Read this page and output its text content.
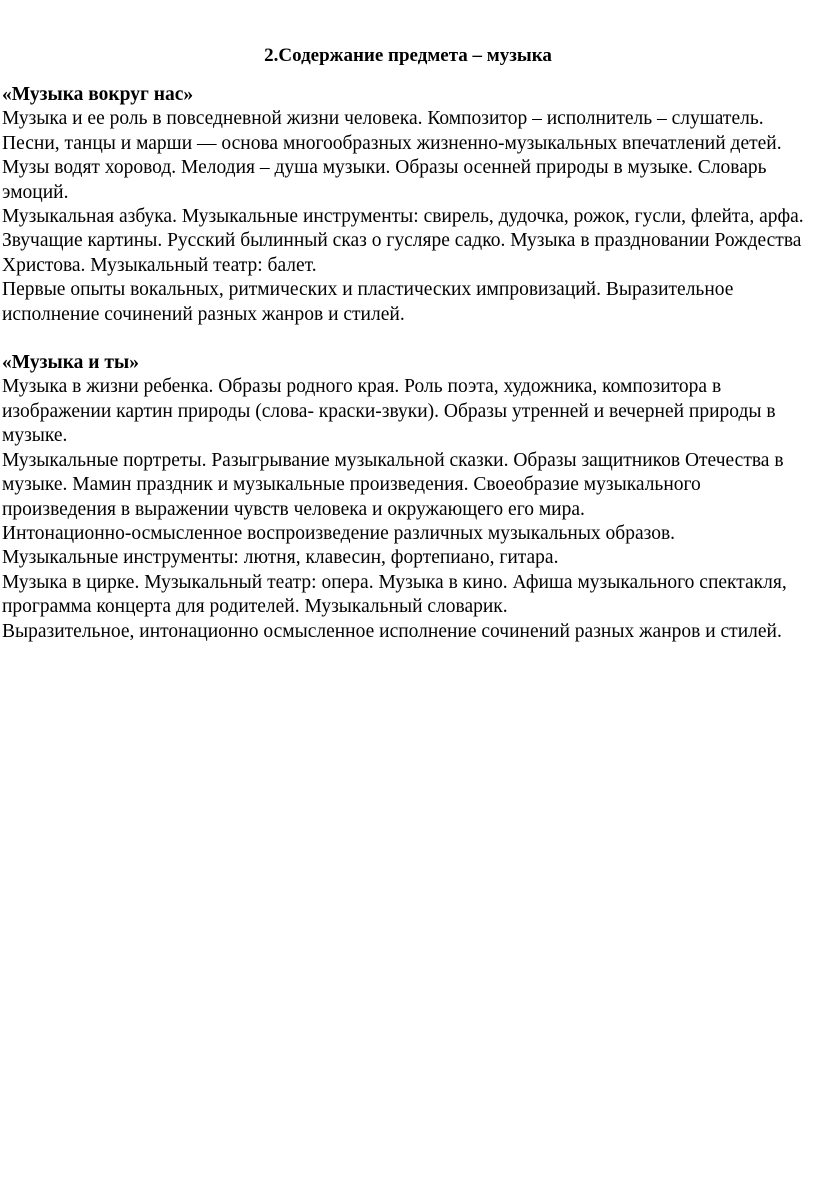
2.Содержание предмета – музыка

«Музыка вокруг нас»

Музыка и ее роль в повседневной жизни человека. Композитор – исполнитель – слушатель.

Песни, танцы и марши — основа многообразных жизненно-музыкальных впечатлений детей. Музы водят хоровод. Мелодия – душа музыки. Образы осенней природы в музыке. Словарь эмоций.

Музыкальная азбука. Музыкальные инструменты: свирель, дудочка, рожок, гусли, флейта, арфа.

Звучащие картины. Русский былинный сказ о гусляре садко. Музыка в праздновании Рождества Христова. Музыкальный театр: балет.

Первые опыты вокальных, ритмических и пластических импровизаций. Выразительное исполнение сочинений разных жанров и стилей.

«Музыка и ты»

Музыка в жизни ребенка. Образы родного края. Роль поэта, художника, композитора в изображении картин природы (слова- краски-звуки). Образы утренней и вечерней природы в музыке.

Музыкальные портреты. Разыгрывание музыкальной сказки. Образы защитников Отечества в музыке. Мамин праздник и музыкальные произведения. Своеобразие музыкального произведения в выражении чувств человека и окружающего его мира.

Интонационно-осмысленное воспроизведение различных музыкальных образов.

Музыкальные инструменты: лютня, клавесин, фортепиано, гитара.

Музыка в цирке. Музыкальный театр: опера. Музыка в кино. Афиша музыкального спектакля,

программа концерта для родителей. Музыкальный словарик.

Выразительное, интонационно осмысленное исполнение сочинений разных жанров и стилей.
